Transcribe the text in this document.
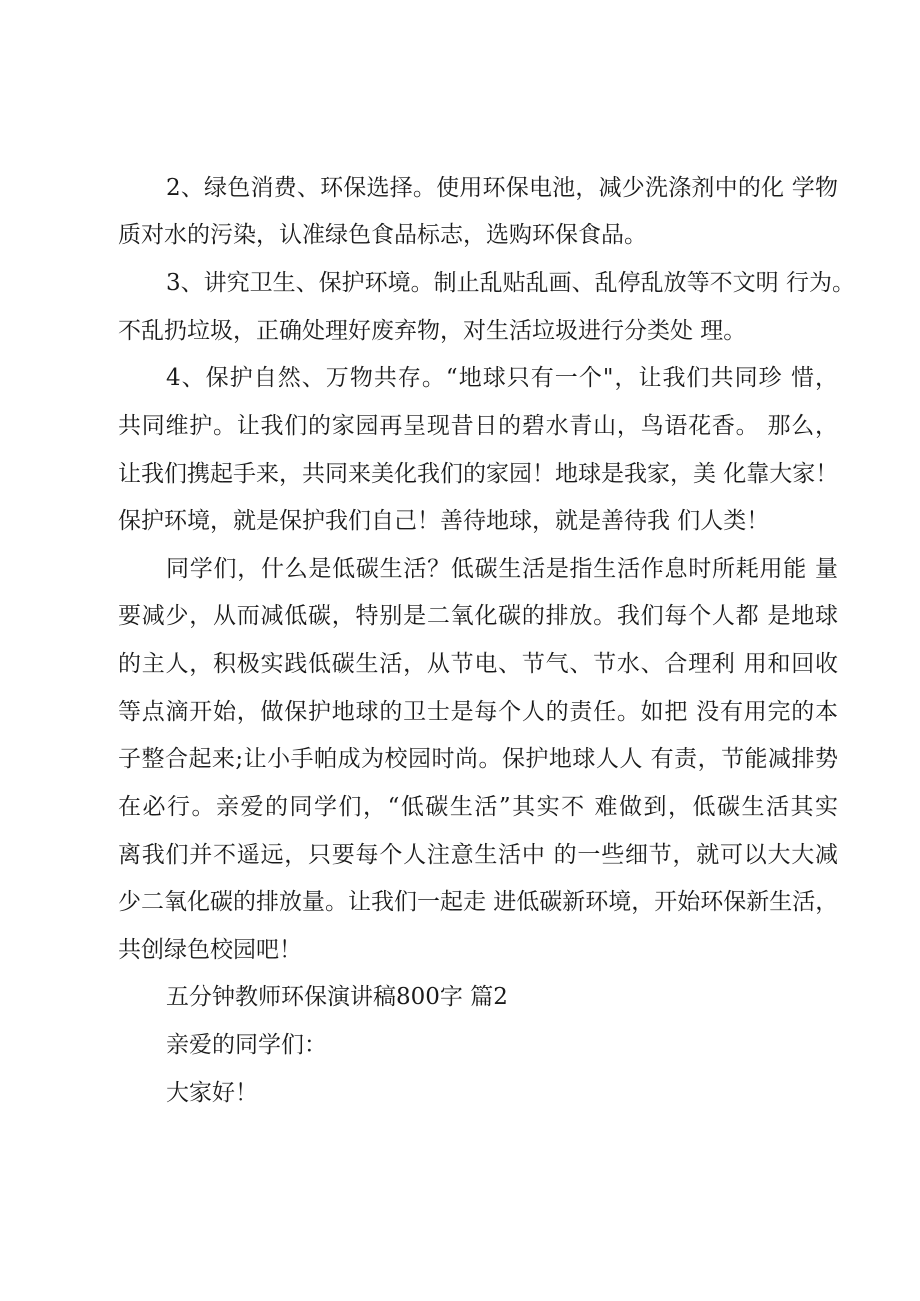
2、绿色消费、环保选择。使用环保电池，减少洗涤剂中的化 学物
质对水的污染，认准绿色食品标志，选购环保食品。
3、讲究卫生、保护环境。制止乱贴乱画、乱停乱放等不文明 行为。
不乱扔垃圾，正确处理好废弃物，对生活垃圾进行分类处 理。
4、保护自然、万物共存。“地球只有一个"，让我们共同珍 惜，
共同维护。让我们的家园再呈现昔日的碧水青山，鸟语花香。 那么，
让我们携起手来，共同来美化我们的家园！地球是我家，美 化靠大家！
保护环境，就是保护我们自己！善待地球，就是善待我 们人类！
同学们，什么是低碳生活？低碳生活是指生活作息时所耗用能 量
要减少，从而减低碳，特别是二氧化碳的排放。我们每个人都 是地球
的主人，积极实践低碳生活，从节电、节气、节水、合理利 用和回收
等点滴开始，做保护地球的卫士是每个人的责任。如把 没有用完的本
子整合起来;让小手帕成为校园时尚。保护地球人人 有责，节能减排势
在必行。亲爱的同学们，“低碳生活”其实不 难做到，低碳生活其实
离我们并不遥远，只要每个人注意生活中 的一些细节，就可以大大减
少二氧化碳的排放量。让我们一起走 进低碳新环境，开始环保新生活，
共创绿色校园吧！
五分钟教师环保演讲稿800字 篇2
亲爱的同学们：
大家好！
